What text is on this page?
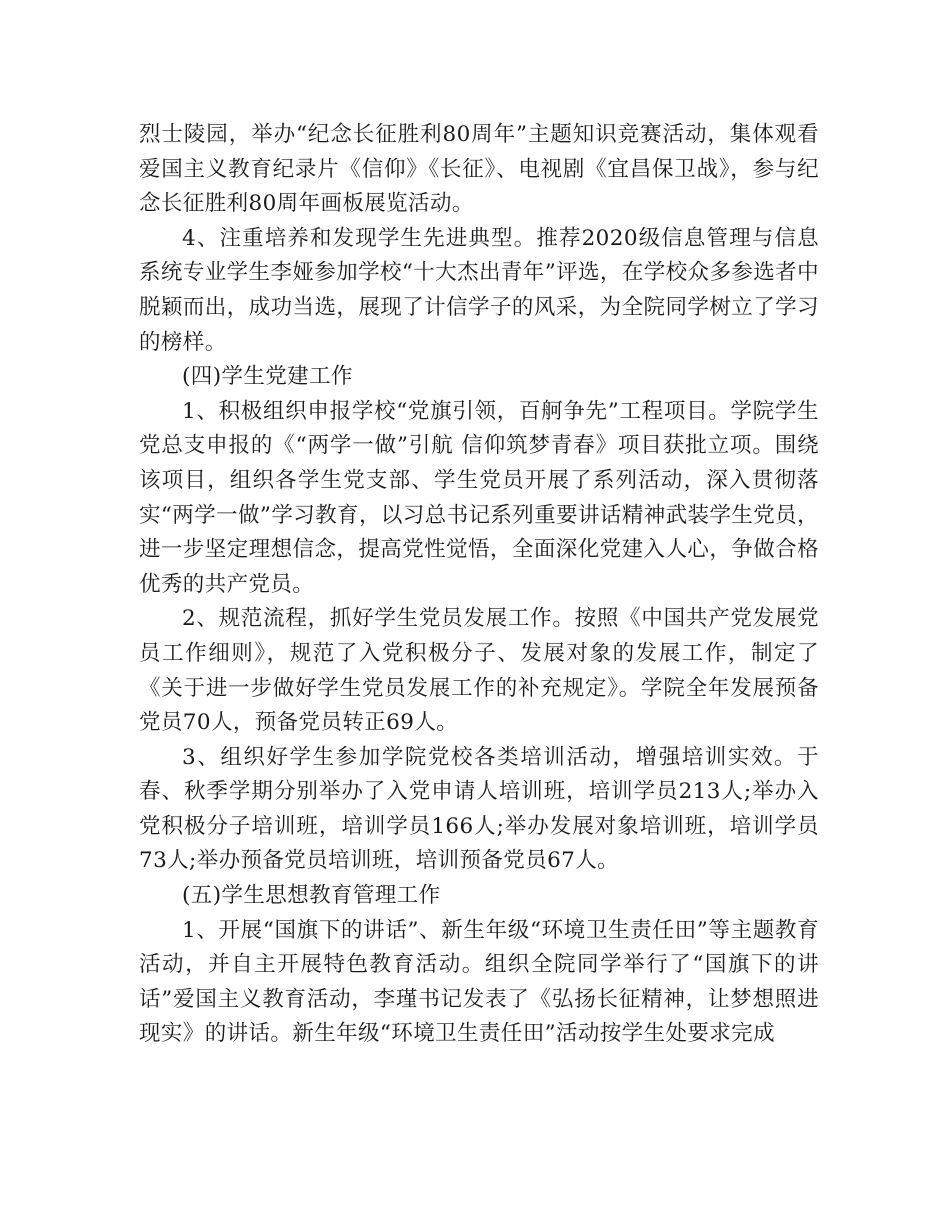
烈士陵园，举办“纪念长征胜利80周年”主题知识竞赛活动，集体观看爱国主义教育纪录片《信仰》《长征》、电视剧《宜昌保卫战》，参与纪念长征胜利80周年画板展览活动。

4、注重培养和发现学生先进典型。推荐2020级信息管理与信息系统专业学生李娅参加学校“十大杰出青年”评选，在学校众多参选者中脱颖而出，成功当选，展现了计信学子的风采，为全院同学树立了学习的榜样。

(四)学生党建工作

1、积极组织申报学校“党旗引领，百舸争先”工程项目。学院学生党总支申报的《“两学一做”引航 信仰筑梦青春》项目获批立项。围绕该项目，组织各学生党支部、学生党员开展了系列活动，深入贯彻落实“两学一做”学习教育，以习总书记系列重要讲话精神武装学生党员，进一步坚定理想信念，提高党性觉悟，全面深化党建入人心，争做合格优秀的共产党员。

2、规范流程，抓好学生党员发展工作。按照《中国共产党发展党员工作细则》，规范了入党积极分子、发展对象的发展工作，制定了《关于进一步做好学生党员发展工作的补充规定》。学院全年发展预备党员70人，预备党员转正69人。

3、组织好学生参加学院党校各类培训活动，增强培训实效。于春、秋季学期分别举办了入党申请人培训班，培训学员213人;举办入党积极分子培训班，培训学员166人;举办发展对象培训班，培训学员73人;举办预备党员培训班，培训预备党员67人。

(五)学生思想教育管理工作

1、开展“国旗下的讲话”、新生年级“环境卫生责任田”等主题教育活动，并自主开展特色教育活动。组织全院同学举行了“国旗下的讲话”爱国主义教育活动，李瑾书记发表了《弘扬长征精神，让梦想照进现实》的讲话。新生年级“环境卫生责任田”活动按学生处要求完成
